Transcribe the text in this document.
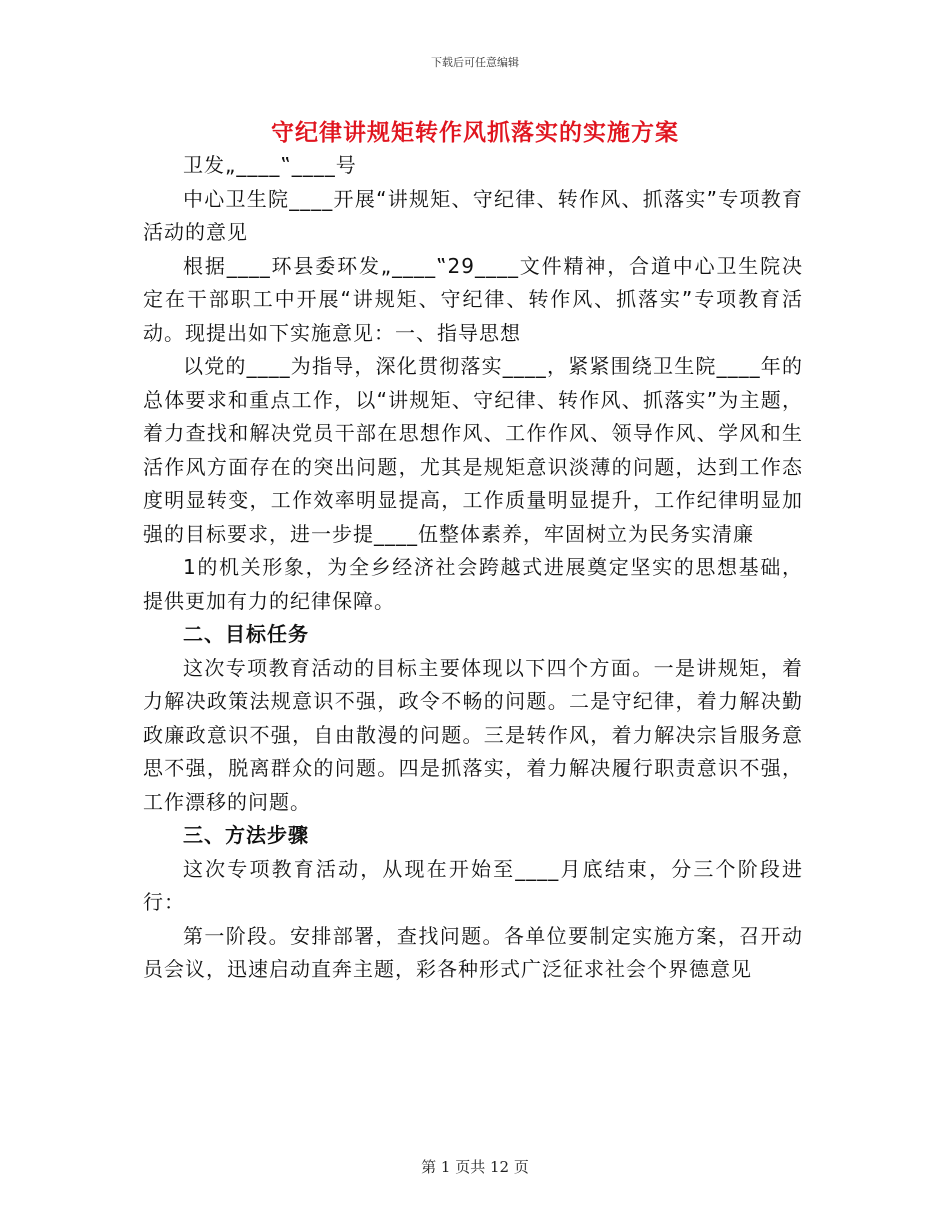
下载后可任意编辑
守纪律讲规矩转作风抓落实的实施方案

卫发„____‟____号

中心卫生院____开展“讲规矩、守纪律、转作风、抓落实”专项教育活动的意见

根据____环县委环发„____‟29____文件精神，合道中心卫生院决定在干部职工中开展“讲规矩、守纪律、转作风、抓落实”专项教育活动。现提出如下实施意见：一、指导思想

以党的____为指导，深化贯彻落实____，紧紧围绕卫生院____年的总体要求和重点工作，以“讲规矩、守纪律、转作风、抓落实”为主题，着力查找和解决党员干部在思想作风、工作作风、领导作风、学风和生活作风方面存在的突出问题，尤其是规矩意识淡薄的问题，达到工作态度明显转变，工作效率明显提高，工作质量明显提升，工作纪律明显加强的目标要求，进一步提____伍整体素养，牢固树立为民务实清廉

1的机关形象，为全乡经济社会跨越式进展奠定坚实的思想基础，提供更加有力的纪律保障。

二、目标任务

这次专项教育活动的目标主要体现以下四个方面。一是讲规矩，着力解决政策法规意识不强，政令不畅的问题。二是守纪律，着力解决勤政廉政意识不强，自由散漫的问题。三是转作风，着力解决宗旨服务意思不强，脱离群众的问题。四是抓落实，着力解决履行职责意识不强，工作漂移的问题。

三、方法步骤

这次专项教育活动，从现在开始至____月底结束，分三个阶段进行：

第一阶段。安排部署，查找问题。各单位要制定实施方案，召开动员会议，迅速启动直奔主题，彩各种形式广泛征求社会个界德意见

第 1 页共 12 页
